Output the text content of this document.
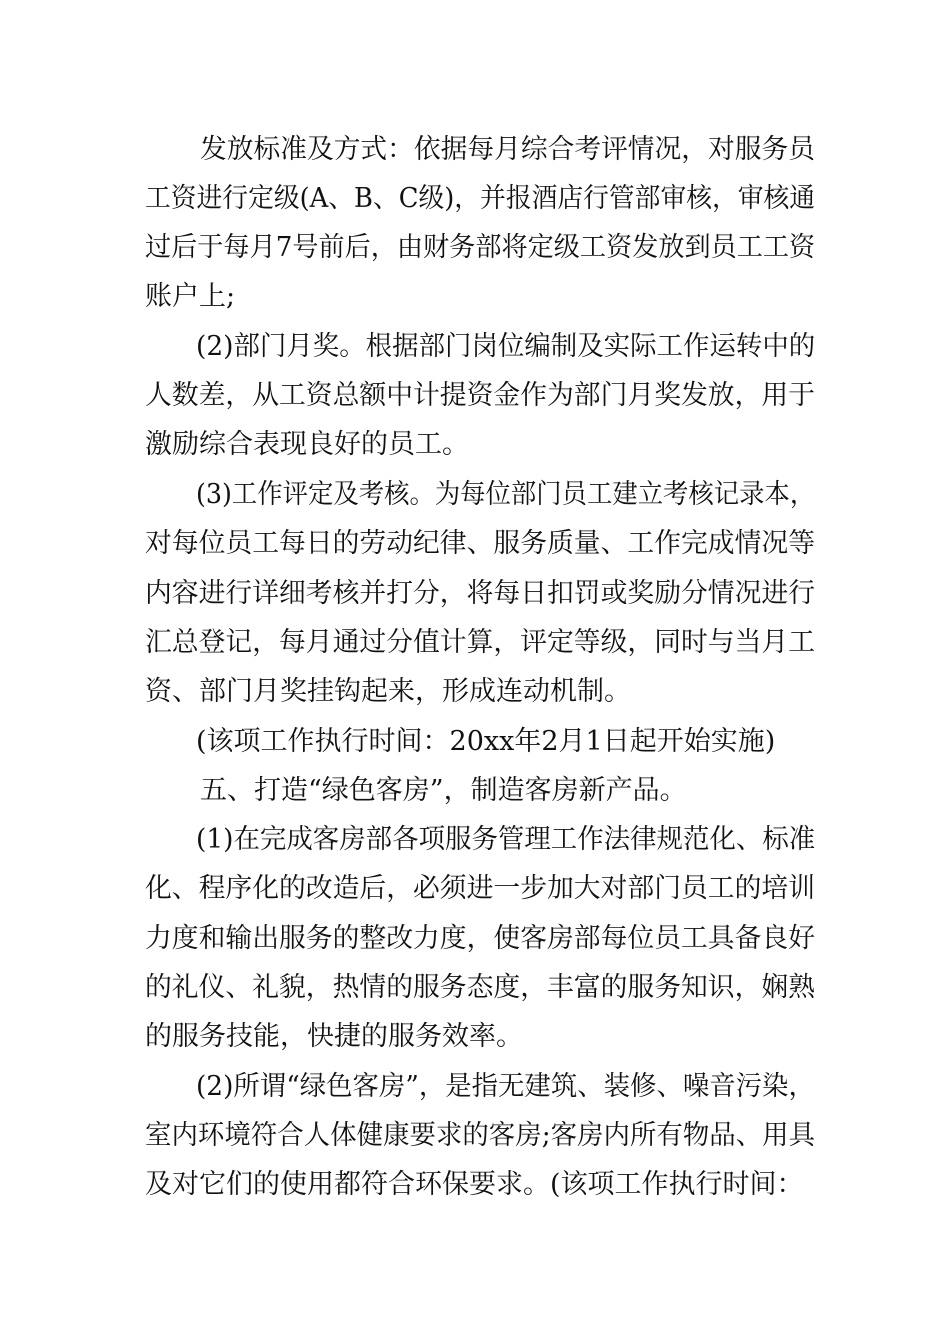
发放标准及方式：依据每月综合考评情况，对服务员
工资进行定级(A、B、C级)，并报酒店行管部审核，审核通
过后于每月7号前后，由财务部将定级工资发放到员工工资
账户上;
(2)部门月奖。根据部门岗位编制及实际工作运转中的
人数差，从工资总额中计提资金作为部门月奖发放，用于
激励综合表现良好的员工。
(3)工作评定及考核。为每位部门员工建立考核记录本，
对每位员工每日的劳动纪律、服务质量、工作完成情况等
内容进行详细考核并打分，将每日扣罚或奖励分情况进行
汇总登记，每月通过分值计算，评定等级，同时与当月工
资、部门月奖挂钩起来，形成连动机制。
(该项工作执行时间：20xx年2月1日起开始实施)
五、打造“绿色客房”，制造客房新产品。
(1)在完成客房部各项服务管理工作法律规范化、标准
化、程序化的改造后，必须进一步加大对部门员工的培训
力度和输出服务的整改力度，使客房部每位员工具备良好
的礼仪、礼貌，热情的服务态度，丰富的服务知识，娴熟
的服务技能，快捷的服务效率。
(2)所谓“绿色客房”，是指无建筑、装修、噪音污染，
室内环境符合人体健康要求的客房;客房内所有物品、用具
及对它们的使用都符合环保要求。(该项工作执行时间：
